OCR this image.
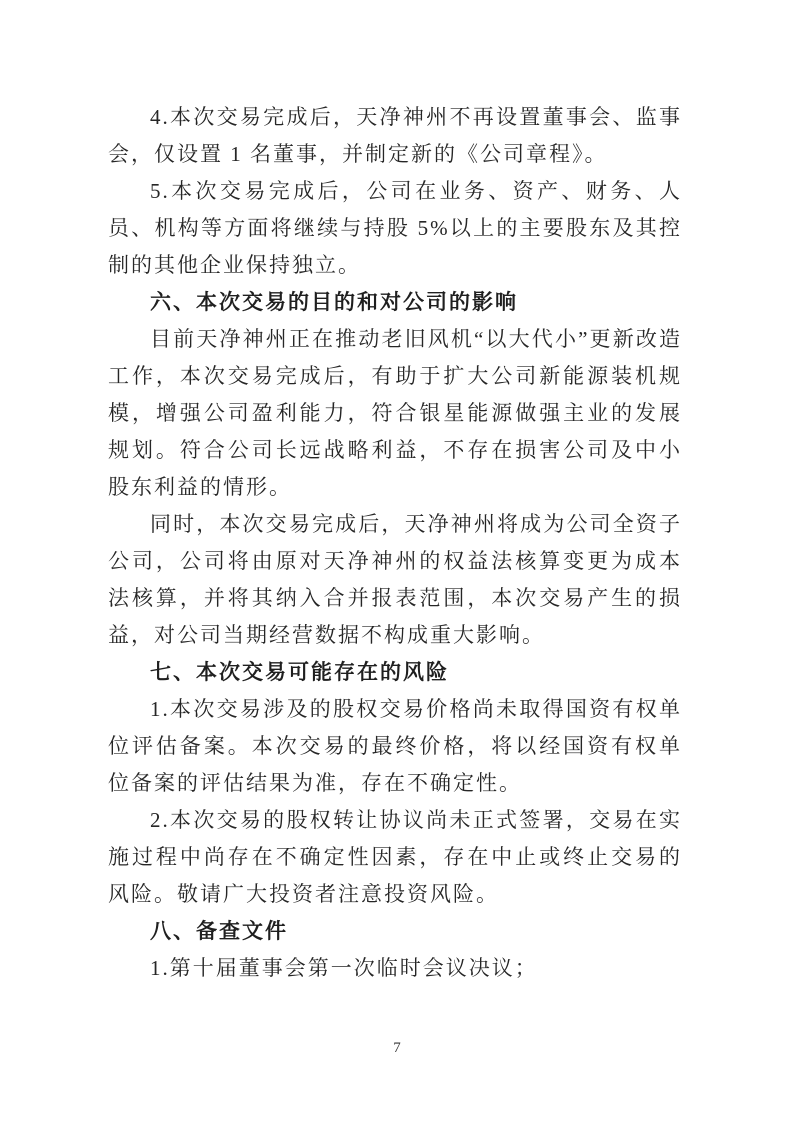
4.本次交易完成后，天净神州不再设置董事会、监事会，仅设置 1 名董事，并制定新的《公司章程》。

5.本次交易完成后，公司在业务、资产、财务、人员、机构等方面将继续与持股 5%以上的主要股东及其控制的其他企业保持独立。

六、本次交易的目的和对公司的影响

目前天净神州正在推动老旧风机“以大代小”更新改造工作，本次交易完成后，有助于扩大公司新能源装机规模，增强公司盈利能力，符合银星能源做强主业的发展规划。符合公司长远战略利益，不存在损害公司及中小股东利益的情形。

同时，本次交易完成后，天净神州将成为公司全资子公司，公司将由原对天净神州的权益法核算变更为成本法核算，并将其纳入合并报表范围，本次交易产生的损益，对公司当期经营数据不构成重大影响。

七、本次交易可能存在的风险

1.本次交易涉及的股权交易价格尚未取得国资有权单位评估备案。本次交易的最终价格，将以经国资有权单位备案的评估结果为准，存在不确定性。

2.本次交易的股权转让协议尚未正式签署，交易在实施过程中尚存在不确定性因素，存在中止或终止交易的风险。敬请广大投资者注意投资风险。

八、备查文件

1.第十届董事会第一次临时会议决议；

7
